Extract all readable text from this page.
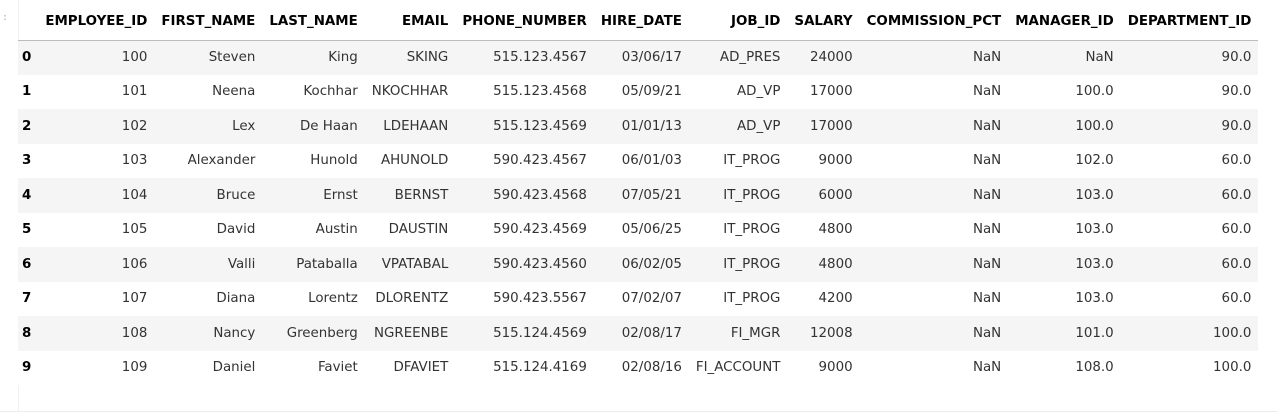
:
		EMPLOYEE_ID	FIRST_NAME	LAST_NAME	EMAIL	PHONE_NUMBER	HIRE_DATE	JOB_ID	SALARY	COMMISSION_PCT	MANAGER_ID	DEPARTMENT_ID
0	100	Steven	King	SKING	515.123.4567	03/06/17	AD_PRES	24000	NaN	NaN	90.0
1	101	Neena	Kochhar	NKOCHHAR	515.123.4568	05/09/21	AD_VP	17000	NaN	100.0	90.0
2	102	Lex	De Haan	LDEHAAN	515.123.4569	01/01/13	AD_VP	17000	NaN	100.0	90.0
3	103	Alexander	Hunold	AHUNOLD	590.423.4567	06/01/03	IT_PROG	9000	NaN	102.0	60.0
4	104	Bruce	Ernst	BERNST	590.423.4568	07/05/21	IT_PROG	6000	NaN	103.0	60.0
5	105	David	Austin	DAUSTIN	590.423.4569	05/06/25	IT_PROG	4800	NaN	103.0	60.0
6	106	Valli	Pataballa	VPATABAL	590.423.4560	06/02/05	IT_PROG	4800	NaN	103.0	60.0
7	107	Diana	Lorentz	DLORENTZ	590.423.5567	07/02/07	IT_PROG	4200	NaN	103.0	60.0
8	108	Nancy	Greenberg	NGREENBE	515.124.4569	02/08/17	FI_MGR	12008	NaN	101.0	100.0
9	109	Daniel	Faviet	DFAVIET	515.124.4169	02/08/16	FI_ACCOUNT	9000	NaN	108.0	100.0
